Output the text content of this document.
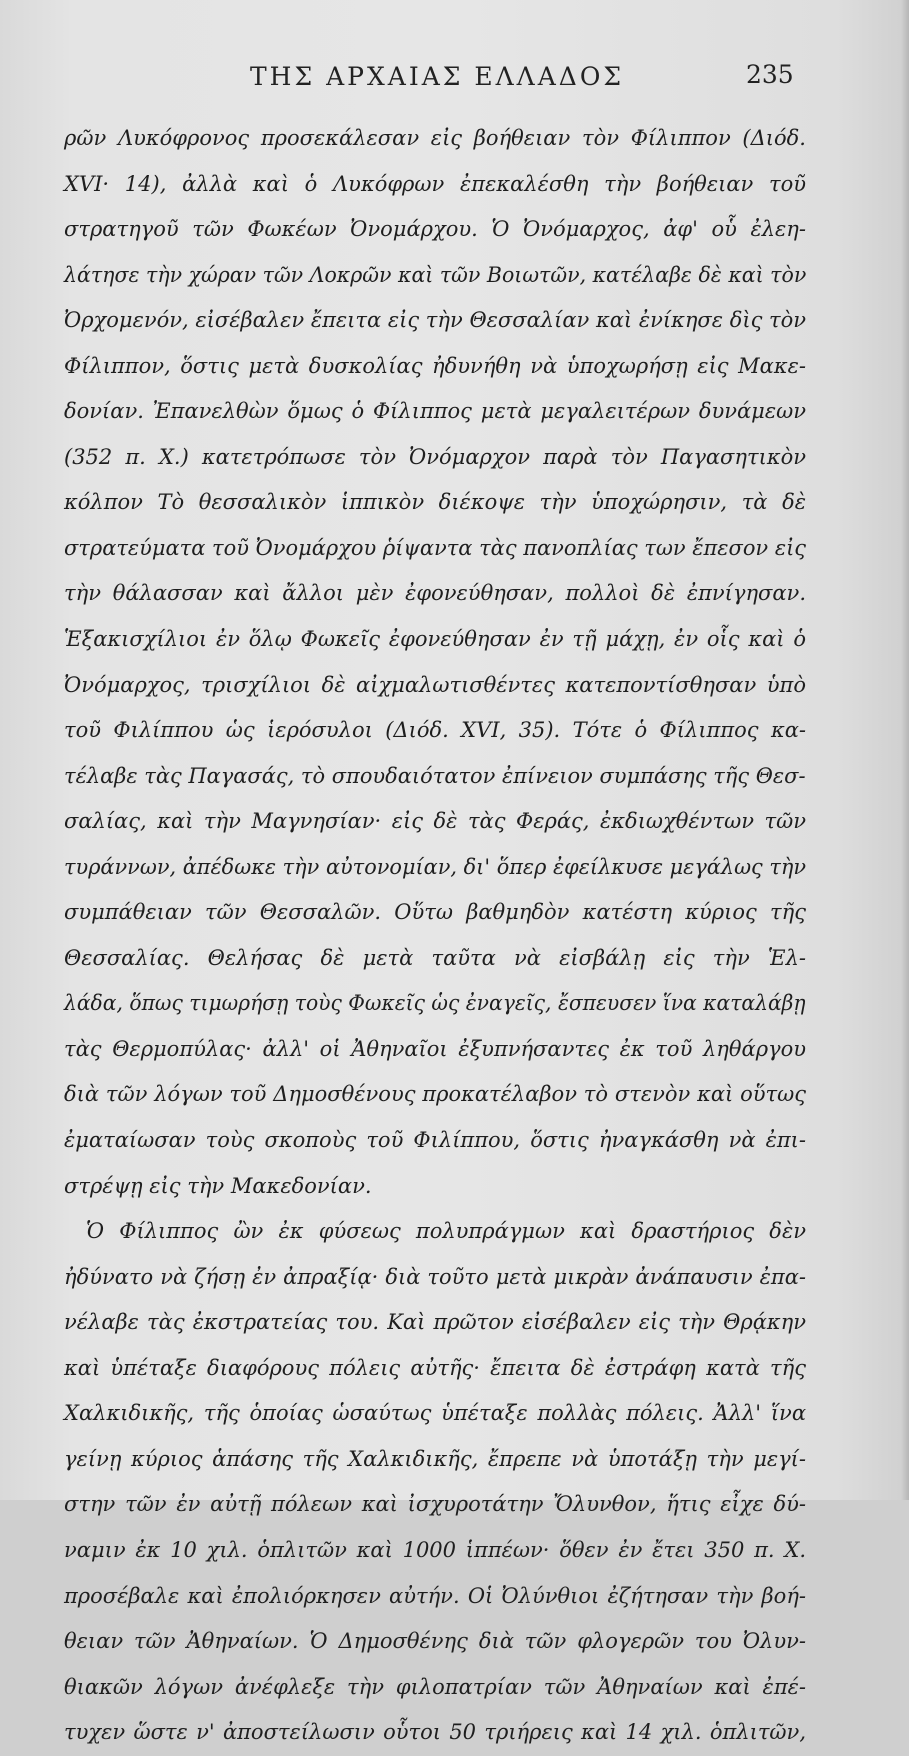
ΤΗΣ ΑΡΧΑΙΑΣ ΕΛΛΑΔΟΣ	235
ρῶν Λυκόφρονος προσεκάλεσαν εἰς βοήθειαν τὸν Φίλιππον (Διόδ.
XVI· 14), ἀλλὰ καὶ ὁ Λυκόφρων ἐπεκαλέσθη τὴν βοήθειαν τοῦ
στρατηγοῦ τῶν Φωκέων Ὀνομάρχου. Ὁ Ὀνόμαρχος, ἀφ' οὗ ἐλεη-
λάτησε τὴν χώραν τῶν Λοκρῶν καὶ τῶν Βοιωτῶν, κατέλαβε δὲ καὶ τὸν
Ὀρχομενόν, εἰσέβαλεν ἔπειτα εἰς τὴν Θεσσαλίαν καὶ ἐνίκησε δὶς τὸν
Φίλιππον, ὅστις μετὰ δυσκολίας ἠδυνήθη νὰ ὑποχωρήσῃ εἰς Μακε-
δονίαν. Ἐπανελθὼν ὅμως ὁ Φίλιππος μετὰ μεγαλειτέρων δυνάμεων
(352 π. Χ.) κατετρόπωσε τὸν Ὀνόμαρχον παρὰ τὸν Παγασητικὸν
κόλπον Τὸ θεσσαλικὸν ἱππικὸν διέκοψε τὴν ὑποχώρησιν, τὰ δὲ
στρατεύματα τοῦ Ὀνομάρχου ῥίψαντα τὰς πανοπλίας των ἔπεσον εἰς
τὴν θάλασσαν καὶ ἄλλοι μὲν ἐφονεύθησαν, πολλοὶ δὲ ἐπνίγησαν.
Ἑξακισχίλιοι ἐν ὅλῳ Φωκεῖς ἐφονεύθησαν ἐν τῇ μάχῃ, ἐν οἷς καὶ ὁ
Ὀνόμαρχος, τρισχίλιοι δὲ αἰχμαλωτισθέντες κατεποντίσθησαν ὑπὸ
τοῦ Φιλίππου ὡς ἱερόσυλοι (Διόδ. XVI, 35). Τότε ὁ Φίλιππος κα-
τέλαβε τὰς Παγασάς, τὸ σπουδαιότατον ἐπίνειον συμπάσης τῆς Θεσ-
σαλίας, καὶ τὴν Μαγνησίαν· εἰς δὲ τὰς Φεράς, ἐκδιωχθέντων τῶν
τυράννων, ἀπέδωκε τὴν αὐτονομίαν, δι' ὅπερ ἐφείλκυσε μεγάλως τὴν
συμπάθειαν τῶν Θεσσαλῶν. Οὕτω βαθμηδὸν κατέστη κύριος τῆς
Θεσσαλίας. Θελήσας δὲ μετὰ ταῦτα νὰ εἰσβάλῃ εἰς τὴν Ἑλ-
λάδα, ὅπως τιμωρήσῃ τοὺς Φωκεῖς ὡς ἐναγεῖς, ἔσπευσεν ἵνα καταλάβῃ
τὰς Θερμοπύλας· ἀλλ' οἱ Ἀθηναῖοι ἐξυπνήσαντες ἐκ τοῦ ληθάργου
διὰ τῶν λόγων τοῦ Δημοσθένους προκατέλαβον τὸ στενὸν καὶ οὕτως
ἐματαίωσαν τοὺς σκοποὺς τοῦ Φιλίππου, ὅστις ἠναγκάσθη νὰ ἐπι-
στρέψῃ εἰς τὴν Μακεδονίαν.
Ὁ Φίλιππος ὢν ἐκ φύσεως πολυπράγμων καὶ δραστήριος δὲν
ἠδύνατο νὰ ζήσῃ ἐν ἀπραξίᾳ· διὰ τοῦτο μετὰ μικρὰν ἀνάπαυσιν ἐπα-
νέλαβε τὰς ἐκστρατείας του. Καὶ πρῶτον εἰσέβαλεν εἰς τὴν Θρᾴκην
καὶ ὑπέταξε διαφόρους πόλεις αὐτῆς· ἔπειτα δὲ ἐστράφη κατὰ τῆς
Χαλκιδικῆς, τῆς ὁποίας ὡσαύτως ὑπέταξε πολλὰς πόλεις. Ἀλλ' ἵνα
γείνῃ κύριος ἁπάσης τῆς Χαλκιδικῆς, ἔπρεπε νὰ ὑποτάξῃ τὴν μεγί-
στην τῶν ἐν αὐτῇ πόλεων καὶ ἰσχυροτάτην Ὄλυνθον, ἥτις εἶχε δύ-
ναμιν ἐκ 10 χιλ. ὁπλιτῶν καὶ 1000 ἱππέων· ὅθεν ἐν ἔτει 350 π. Χ.
προσέβαλε καὶ ἐπολιόρκησεν αὐτήν. Οἱ Ὀλύνθιοι ἐζήτησαν τὴν βοή-
θειαν τῶν Ἀθηναίων. Ὁ Δημοσθένης διὰ τῶν φλογερῶν του Ὀλυν-
θιακῶν λόγων ἀνέφλεξε τὴν φιλοπατρίαν τῶν Ἀθηναίων καὶ ἐπέ-
τυχεν ὥστε ν' ἀποστείλωσιν οὗτοι 50 τριήρεις καὶ 14 χιλ. ὁπλιτῶν,
